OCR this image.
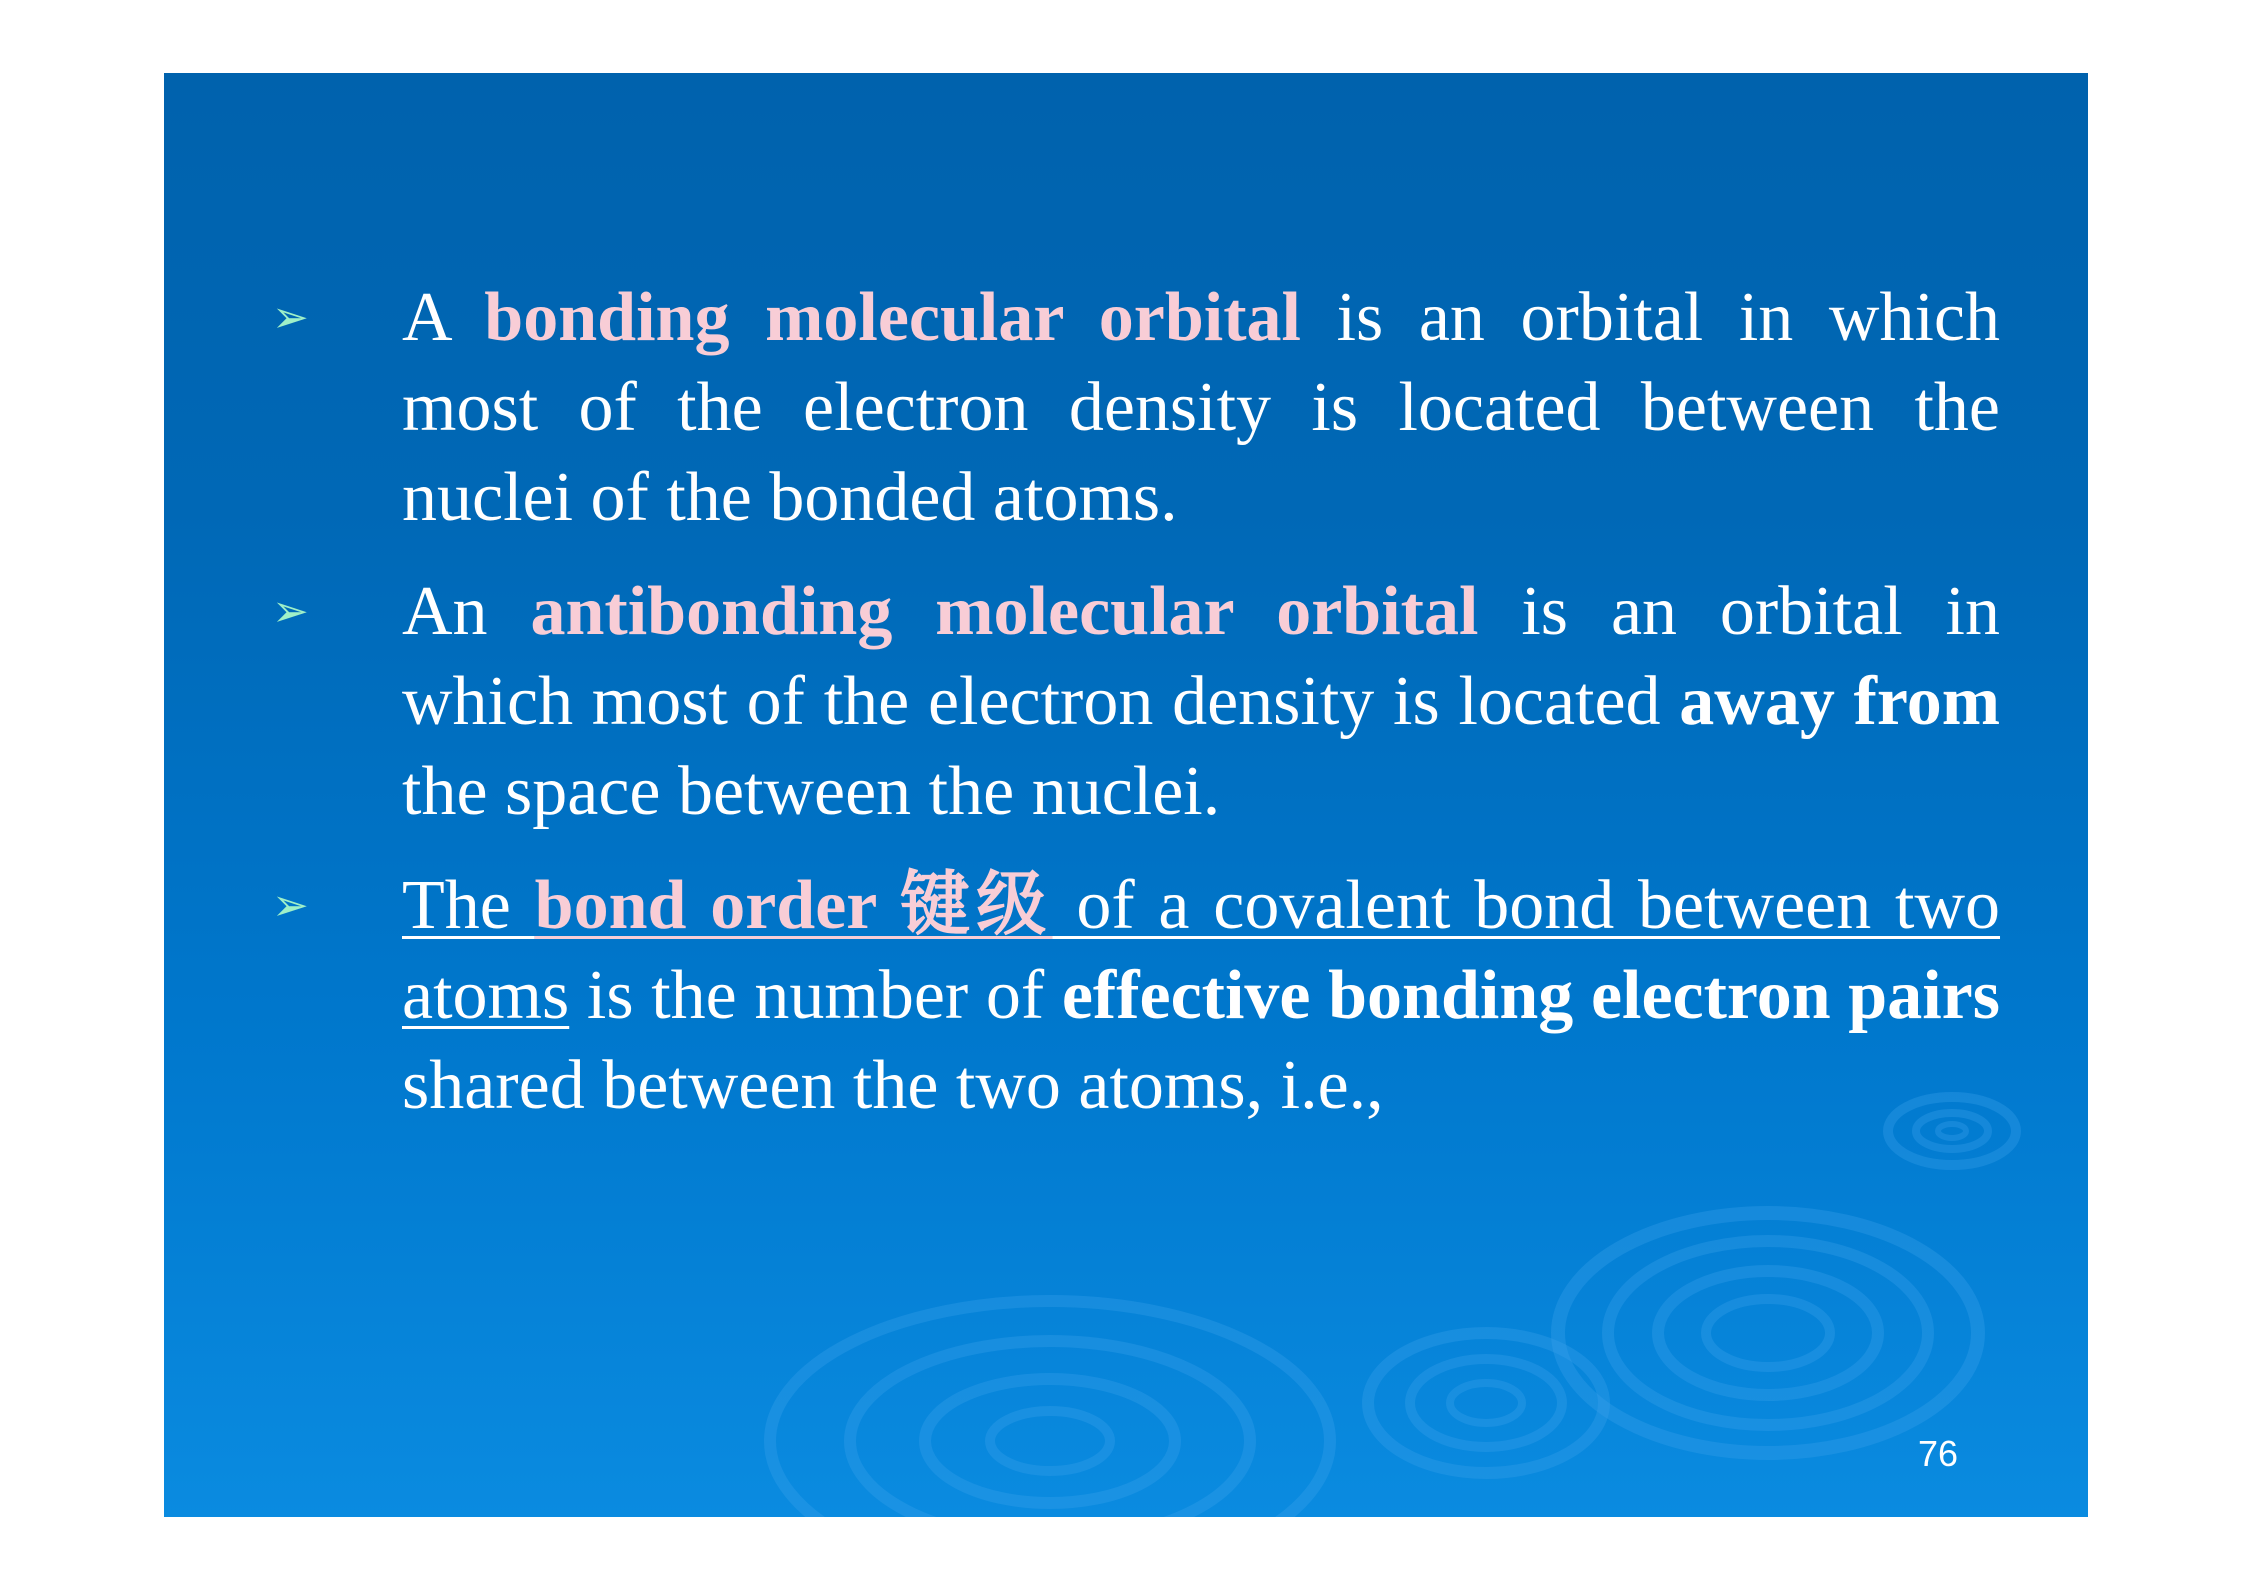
➢	A bonding molecular orbital is an orbital in which most of the electron density is located between the nuclei of the bonded atoms.
➢	An antibonding molecular orbital is an orbital in which most of the electron density is located away from the space between the nuclei.
➢	The bond order 键级 of a covalent bond between two atoms is the number of effective bonding electron pairs shared between the two atoms, i.e.,
76
